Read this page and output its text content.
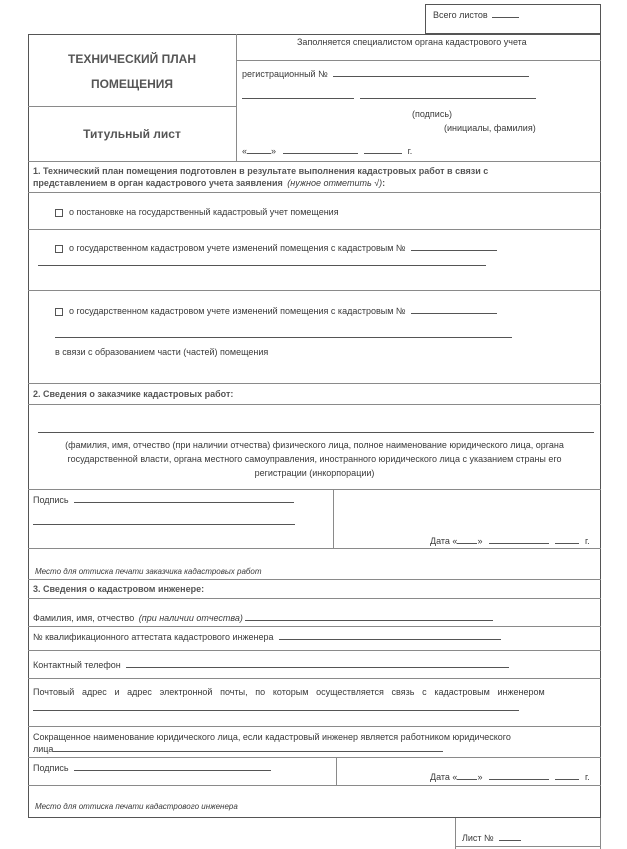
Всего листов
ТЕХНИЧЕСКИЙ ПЛАН
ПОМЕЩЕНИЯ
Титульный лист
Заполняется специалистом органа кадастрового учета
регистрационный №
(подпись)
(инициалы, фамилия)
«	»	г.
1. Технический план помещения подготовлен в результате выполнения кадастровых работ в связи с
представлением в орган кадастрового учета заявления (нужное отметить √):
о постановке на государственный кадастровый учет помещения
о государственном кадастровом учете изменений помещения с кадастровым №
о государственном кадастровом учете изменений помещения с кадастровым №
в связи с образованием части (частей) помещения
2. Сведения о заказчике кадастровых работ:
(фамилия, имя, отчество (при наличии отчества) физического лица, полное наименование юридического лица, органа
государственной власти, органа местного самоуправления, иностранного юридического лица с указанием страны его
регистрации (инкорпорации)
Подпись
Дата « »	г.
Место для оттиска печати заказчика кадастровых работ
3. Сведения о кадастровом инженере:
Фамилия, имя, отчество (при наличии отчества)
№ квалификационного аттестата кадастрового инженера
Контактный телефон
Почтовый адрес и адрес электронной почты, по которым осуществляется связь с кадастровым инженером
Сокращенное наименование юридического лица, если кадастровый инженер является работником юридического
лица
Подпись
Дата « »	г.
Место для оттиска печати кадастрового инженера
Лист №
